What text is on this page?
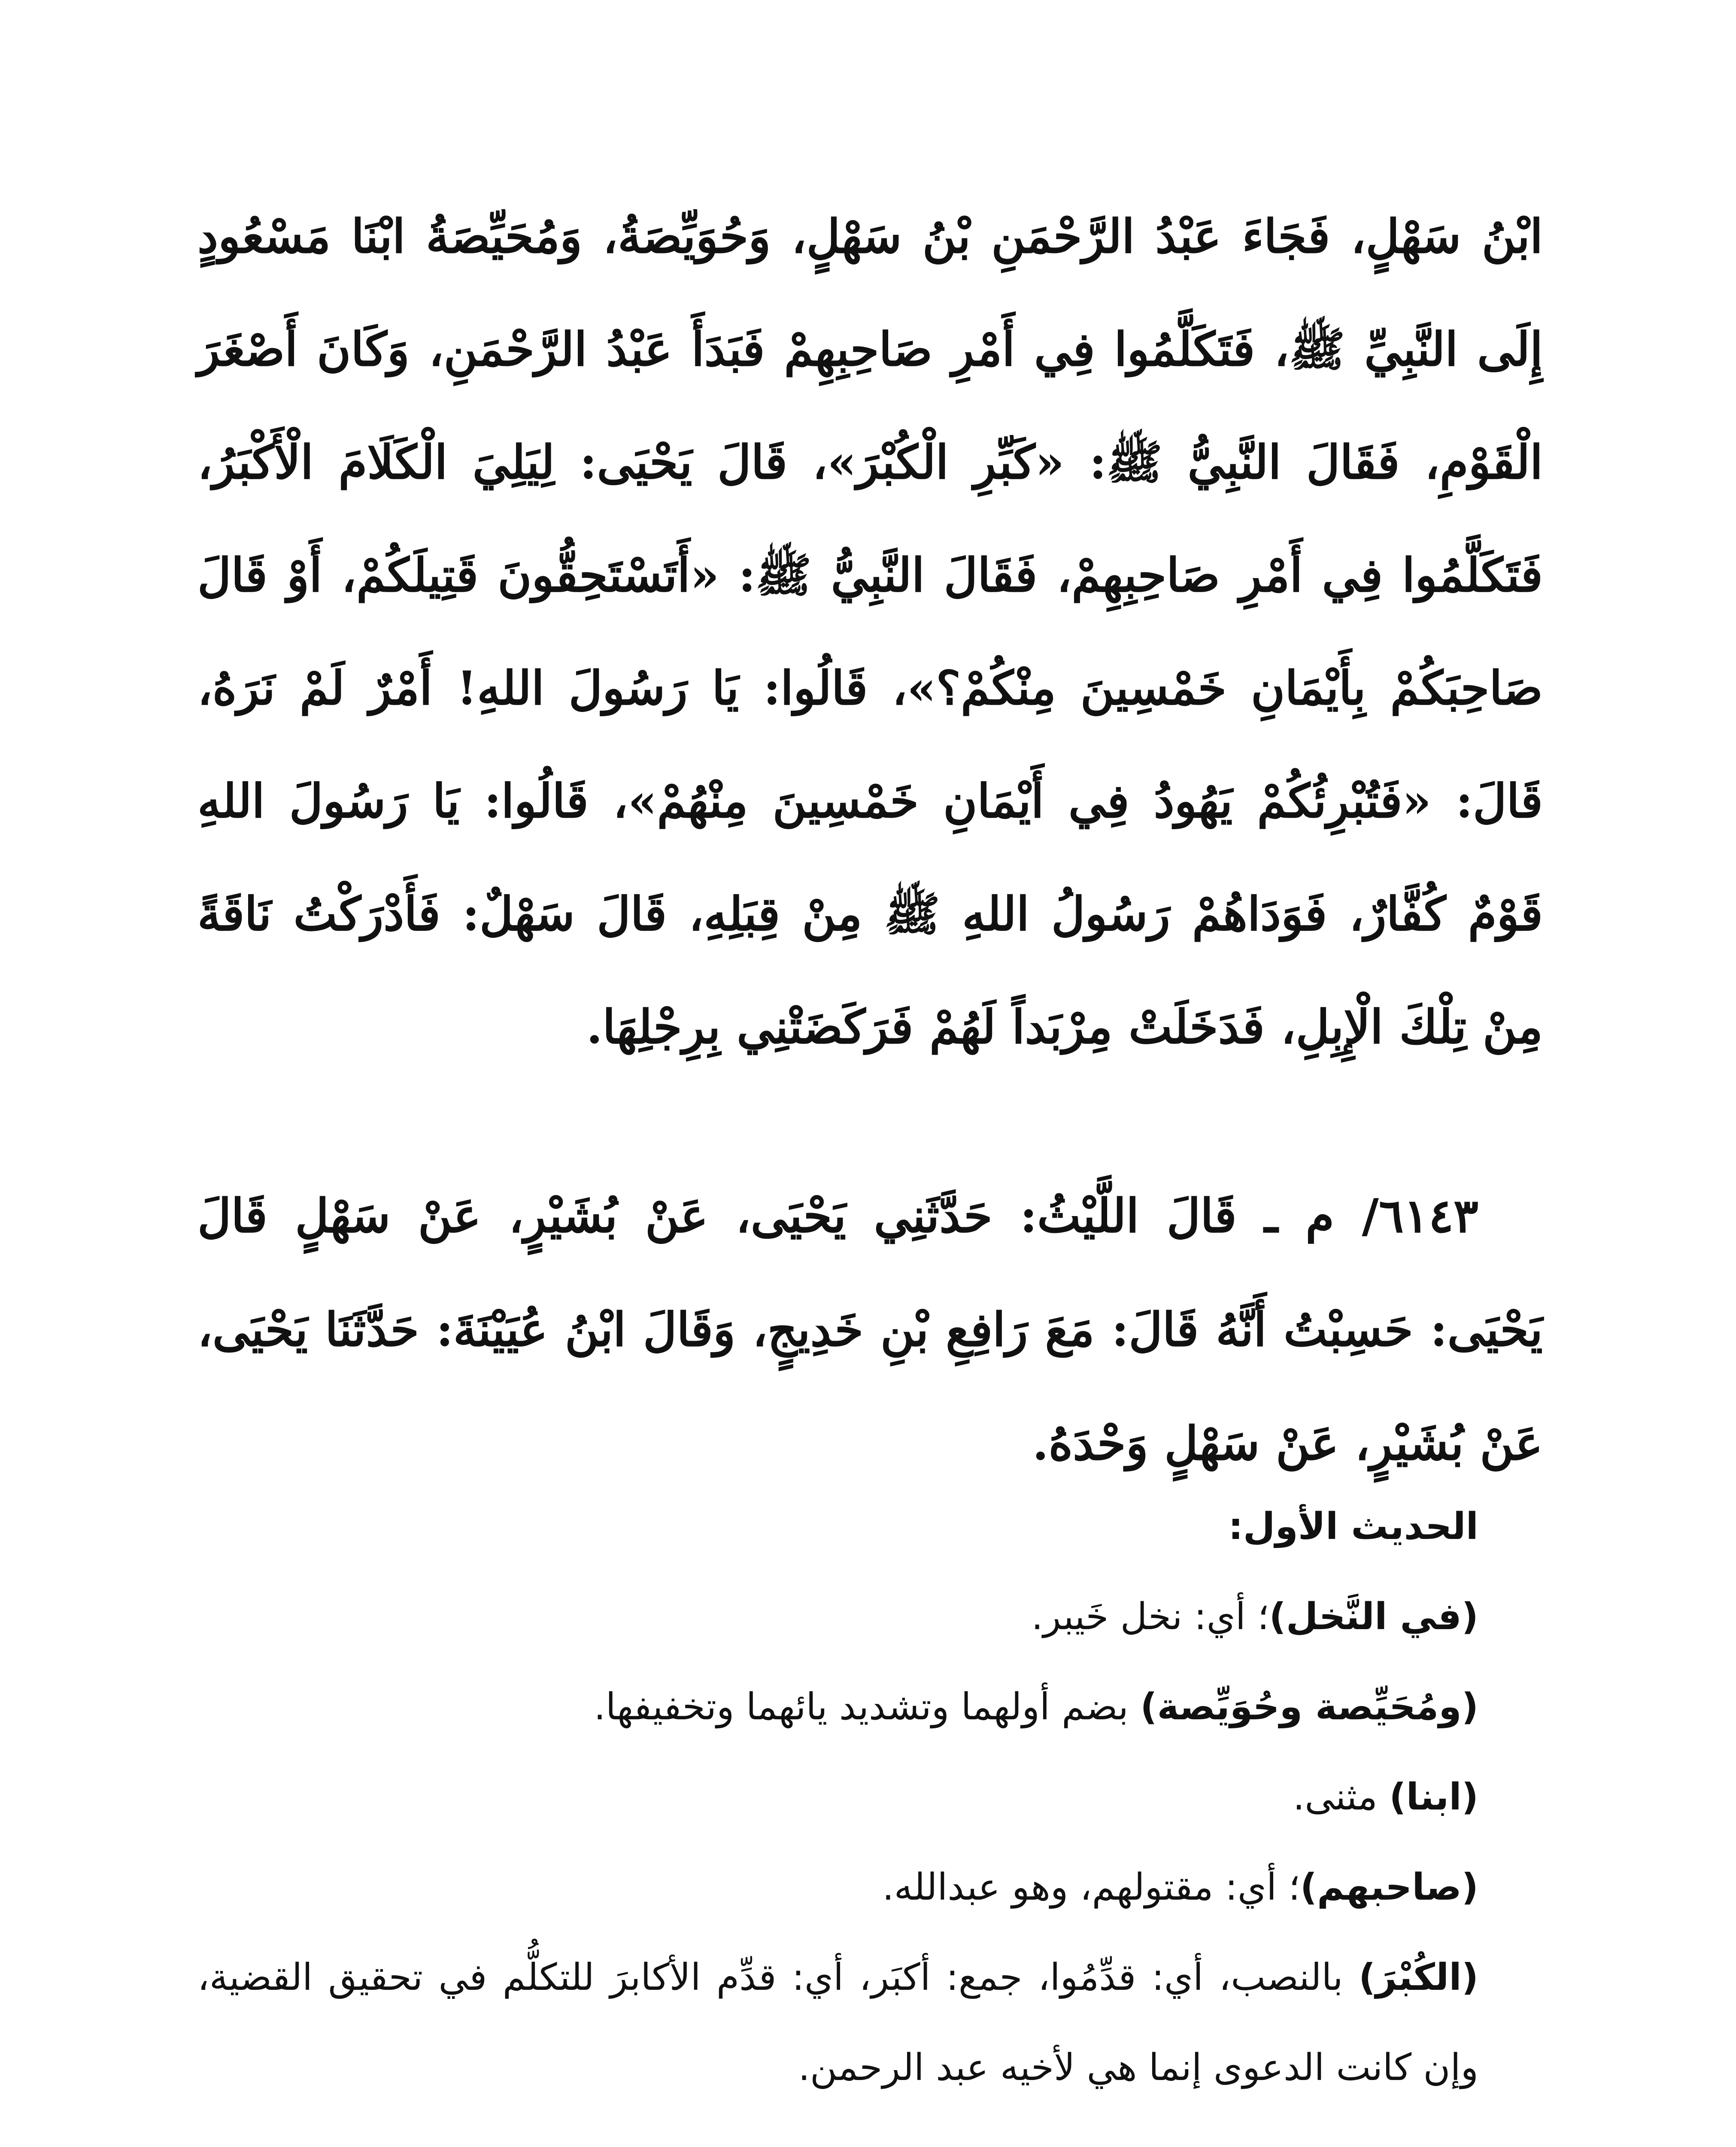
ابْنُ سَهْلٍ، فَجَاءَ عَبْدُ الرَّحْمَنِ بْنُ سَهْلٍ، وَحُوَيِّصَةُ، وَمُحَيِّصَةُ ابْنَا مَسْعُودٍ إِلَى النَّبِيِّ ﷺ، فَتَكَلَّمُوا فِي أَمْرِ صَاحِبِهِمْ فَبَدَأَ عَبْدُ الرَّحْمَنِ، وَكَانَ أَصْغَرَ الْقَوْمِ، فَقَالَ النَّبِيُّ ﷺ: «كَبِّرِ الْكُبْرَ»، قَالَ يَحْيَى: لِيَلِيَ الْكَلَامَ الْأَكْبَرُ، فَتَكَلَّمُوا فِي أَمْرِ صَاحِبِهِمْ، فَقَالَ النَّبِيُّ ﷺ: «أَتَسْتَحِقُّونَ قَتِيلَكُمْ، أَوْ قَالَ صَاحِبَكُمْ بِأَيْمَانِ خَمْسِينَ مِنْكُمْ؟»، قَالُوا: يَا رَسُولَ اللهِ! أَمْرٌ لَمْ نَرَهُ، قَالَ: «فَتُبْرِئُكُمْ يَهُودُ فِي أَيْمَانِ خَمْسِينَ مِنْهُمْ»، قَالُوا: يَا رَسُولَ اللهِ قَوْمٌ كُفَّارٌ، فَوَدَاهُمْ رَسُولُ اللهِ ﷺ مِنْ قِبَلِهِ، قَالَ سَهْلٌ: فَأَدْرَكْتُ نَاقَةً مِنْ تِلْكَ الْإِبِلِ، فَدَخَلَتْ مِرْبَداً لَهُمْ فَرَكَضَتْنِي بِرِجْلِهَا.

٦١٤٣/ م ـ قَالَ اللَّيْثُ: حَدَّثَنِي يَحْيَى، عَنْ بُشَيْرٍ، عَنْ سَهْلٍ قَالَ يَحْيَى: حَسِبْتُ أَنَّهُ قَالَ: مَعَ رَافِعِ بْنِ خَدِيجٍ، وَقَالَ ابْنُ عُيَيْنَةَ: حَدَّثَنَا يَحْيَى، عَنْ بُشَيْرٍ، عَنْ سَهْلٍ وَحْدَهُ.

الحديث الأول:

(في النَّخل)؛ أي: نخل خَيبر.

(ومُحَيِّصة وحُوَيِّصة) بضم أولهما وتشديد يائهما وتخفيفها.

(ابنا) مثنى.

(صاحبهم)؛ أي: مقتولهم، وهو عبدالله.

(الكُبْرَ) بالنصب، أي: قدِّمُوا، جمع: أكبَر، أي: قدِّم الأكابرَ للتكلُّم في تحقيق القضية، وإن كانت الدعوى إنما هي لأخيه عبد الرحمن.
